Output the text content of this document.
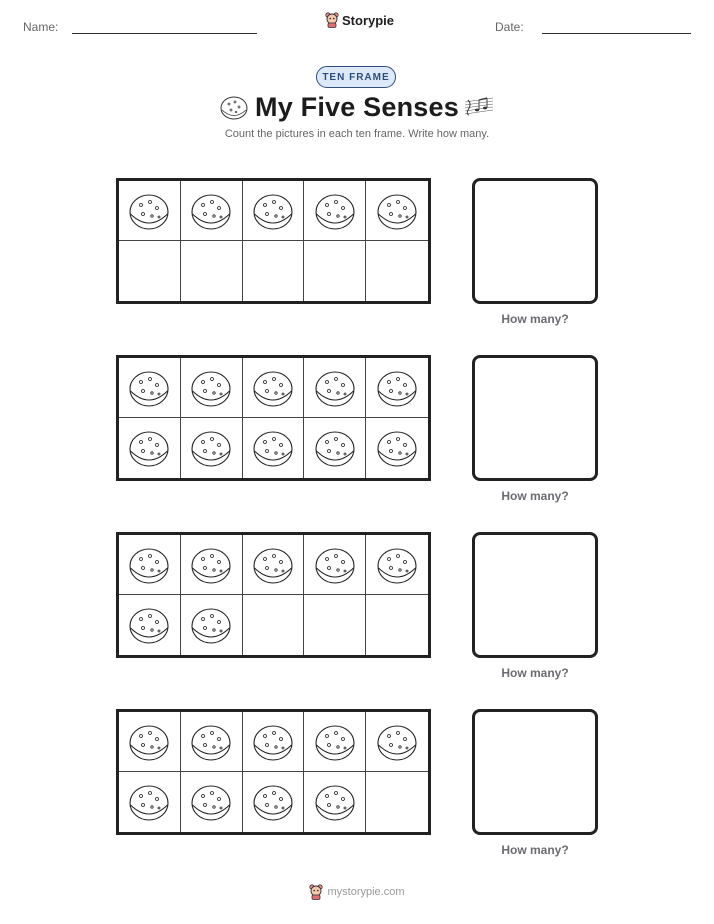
Name:	Storypie	Date:
TEN FRAME
My Five Senses
Count the pictures in each ten frame. Write how many.
How many?
How many?
How many?
How many?
mystorypie.com
